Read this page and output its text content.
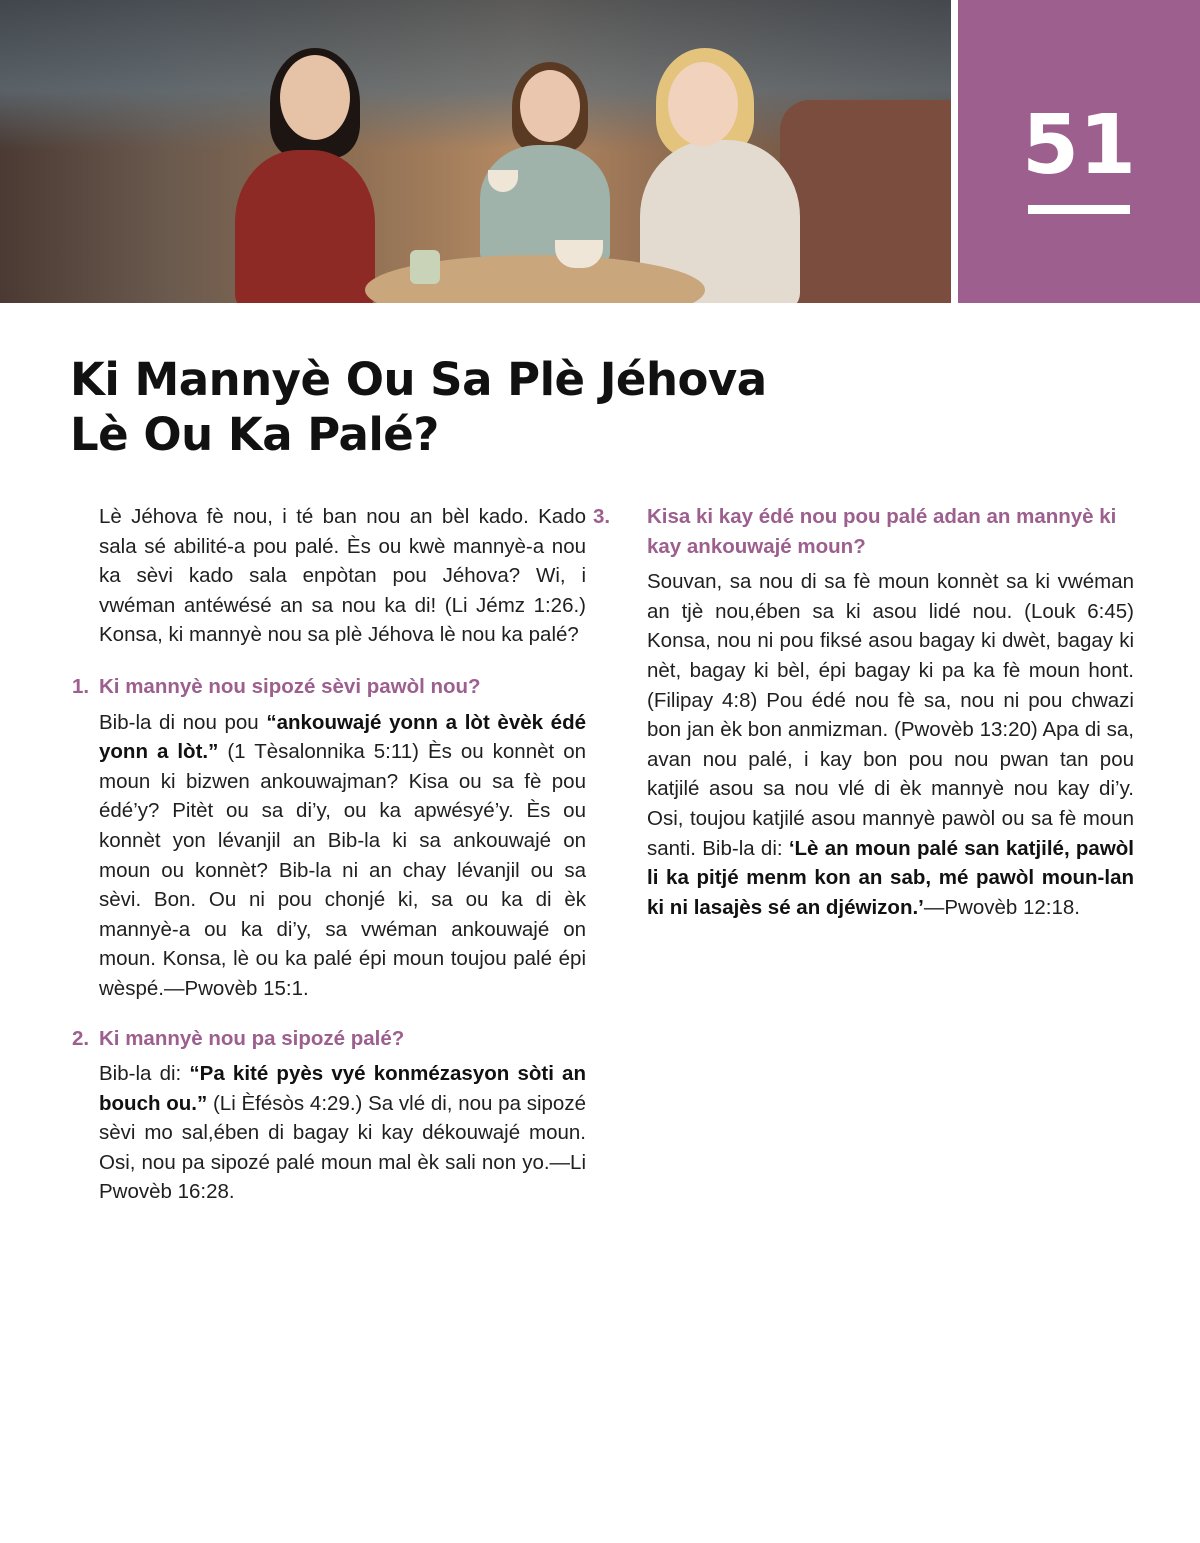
51
Ki Mannyè Ou Sa Plè Jéhova
Lè Ou Ka Palé?

Lè Jéhova fè nou, i té ban nou an bèl kado. Kado sala sé abilité-a pou palé. Ès ou kwè mannyè-a nou ka sèvi kado sala enpòtan pou Jéhova? Wi, i vwéman antéwésé an sa nou ka di! (Li Jémz 1:26.) Konsa, ki mannyè nou sa plè Jéhova lè nou ka palé?

1. Ki mannyè nou sipozé sèvi pawòl nou?

Bib-la di nou pou “ankouwajé yonn a lòt èvèk édé yonn a lòt.” (1 Tèsalonnika 5:11) Ès ou konnèt on moun ki bizwen ankouwajman? Kisa ou sa fè pou édé’y? Pitèt ou sa di’y, ou ka apwésyé’y. Ès ou konnèt yon lévanjil an Bib-la ki sa ankouwajé on moun ou konnèt? Bib-la ni an chay lévanjil ou sa sèvi. Bon. Ou ni pou chonjé ki, sa ou ka di èk mannyè-a ou ka di’y, sa vwéman ankouwajé on moun. Konsa, lè ou ka palé épi moun toujou palé épi wèspé.—Pwovèb 15:1.

2. Ki mannyè nou pa sipozé palé?

Bib-la di: “Pa kité pyès vyé konmézasyon sòti an bouch ou.” (Li Èfésòs 4:29.) Sa vlé di, nou pa sipozé sèvi mo sal,ében di bagay ki kay dékouwajé moun. Osi, nou pa sipozé palé moun mal èk sali non yo.—Li Pwovèb 16:28.

3. Kisa ki kay édé nou pou palé adan an mannyè ki kay ankouwajé moun?

Souvan, sa nou di sa fè moun konnèt sa ki vwéman an tjè nou,ében sa ki asou lidé nou. (Louk 6:45) Konsa, nou ni pou fiksé asou bagay ki dwèt, bagay ki nèt, bagay ki bèl, épi bagay ki pa ka fè moun hont. (Filipay 4:8) Pou édé nou fè sa, nou ni pou chwazi bon jan èk bon anmizman. (Pwovèb 13:20) Apa di sa, avan nou palé, i kay bon pou nou pwan tan pou katjilé asou sa nou vlé di èk mannyè nou kay di’y. Osi, toujou katjilé asou mannyè pawòl ou sa fè moun santi. Bib-la di: ‘Lè an moun palé san katjilé, pawòl li ka pitjé menm kon an sab, mé pawòl moun-lan ki ni lasajès sé an djéwizon.’—Pwovèb 12:18.
